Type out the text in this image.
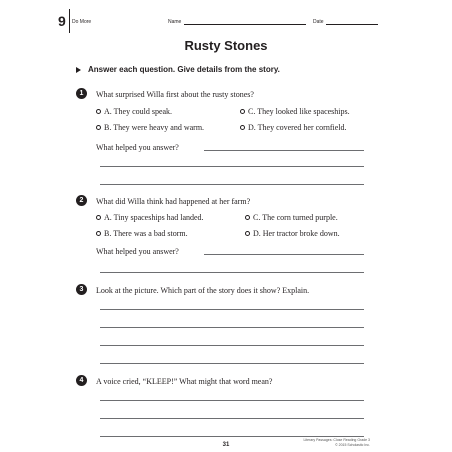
9 Do More	Name	Date
Rusty Stones
Answer each question. Give details from the story.
1	What surprised Willa first about the rusty stones?
A. They could speak.	C. They looked like spaceships.
B. They were heavy and warm.	D. They covered her cornfield.
What helped you answer?
2	What did Willa think had happened at her farm?
A. Tiny spaceships had landed.	C. The corn turned purple.
B. There was a bad storm.	D. Her tractor broke down.
What helped you answer?
3	Look at the picture. Which part of the story does it show? Explain.
4	A voice cried, “KLEEP!” What might that word mean?
31
Literary Passages: Close Reading Grade 3
© 2015 Scholastic Inc.
